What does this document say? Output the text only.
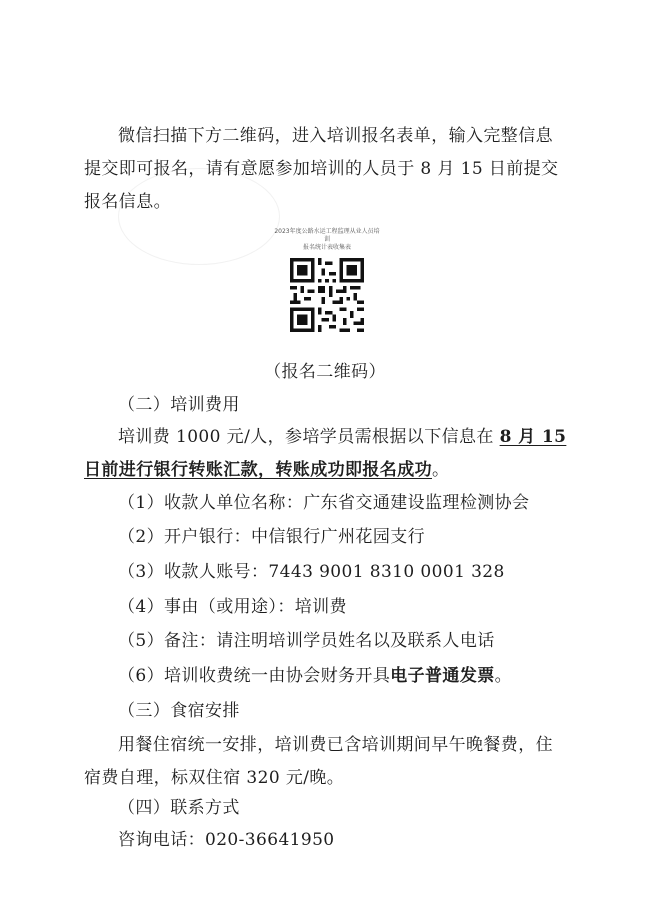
微信扫描下方二维码，进入培训报名表单，输入完整信息提交即可报名，请有意愿参加培训的人员于 8 月 15 日前提交报名信息。

2023年度公路水运工程监理从业人员培训
报名统计表收集表
（报名二维码）

（二）培训费用

培训费 1000 元/人，参培学员需根据以下信息在 8 月 15 日前进行银行转账汇款，转账成功即报名成功。

（1）收款人单位名称：广东省交通建设监理检测协会

（2）开户银行：中信银行广州花园支行

（3）收款人账号：7443 9001 8310 0001 328

（4）事由（或用途）：培训费

（5）备注：请注明培训学员姓名以及联系人电话

（6）培训收费统一由协会财务开具电子普通发票。

（三）食宿安排

用餐住宿统一安排，培训费已含培训期间早午晚餐费，住宿费自理，标双住宿 320 元/晚。

（四）联系方式

咨询电话：020-36641950
